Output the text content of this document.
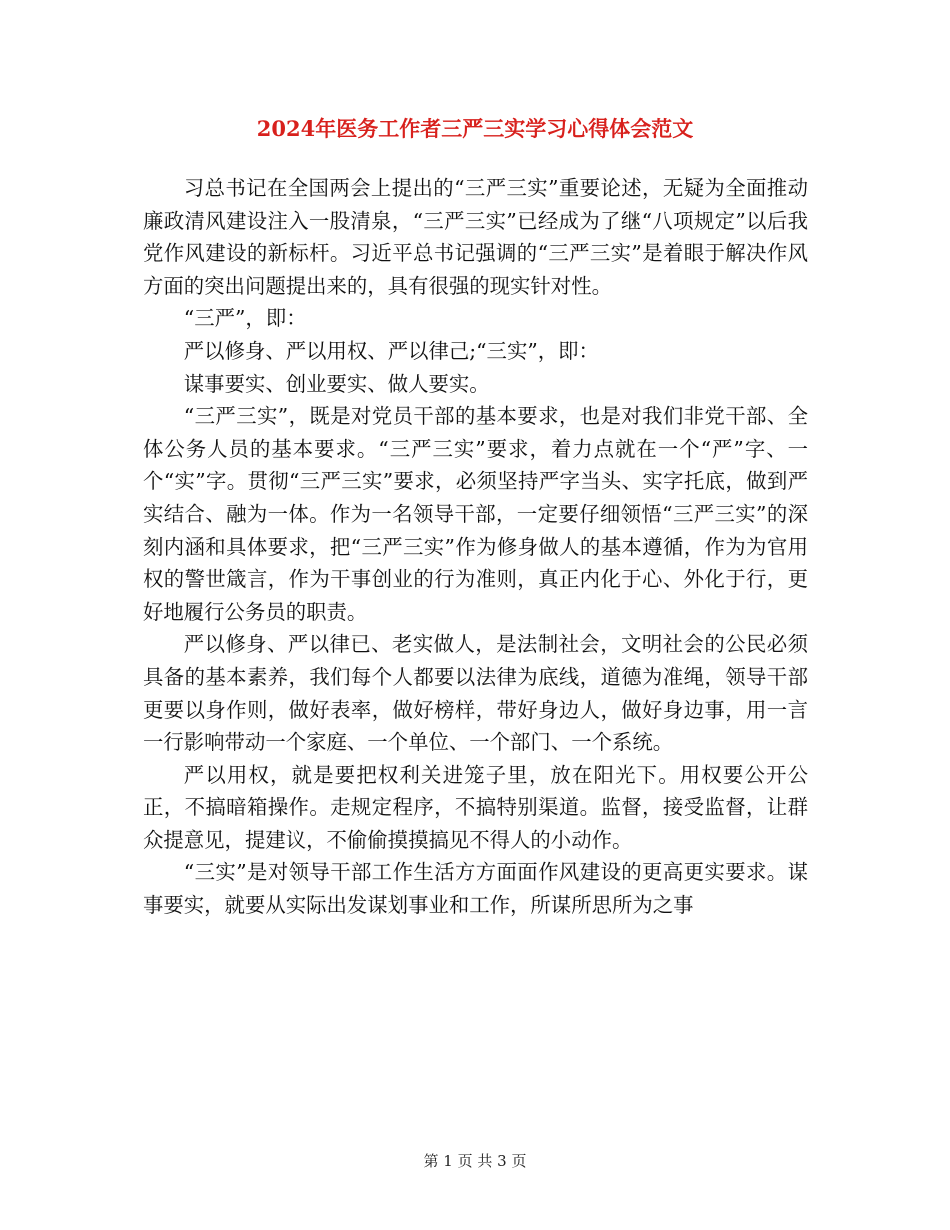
2024年医务工作者三严三实学习心得体会范文

习总书记在全国两会上提出的“三严三实”重要论述，无疑为全面推动廉政清风建设注入一股清泉，“三严三实”已经成为了继“八项规定”以后我党作风建设的新标杆。习近平总书记强调的“三严三实”是着眼于解决作风方面的突出问题提出来的，具有很强的现实针对性。

“三严”，即：

严以修身、严以用权、严以律己;“三实”，即：

谋事要实、创业要实、做人要实。

“三严三实”，既是对党员干部的基本要求，也是对我们非党干部、全体公务人员的基本要求。“三严三实”要求，着力点就在一个“严”字、一个“实”字。贯彻“三严三实”要求，必须坚持严字当头、实字托底，做到严实结合、融为一体。作为一名领导干部，一定要仔细领悟“三严三实”的深刻内涵和具体要求，把“三严三实”作为修身做人的基本遵循，作为为官用权的警世箴言，作为干事创业的行为准则，真正内化于心、外化于行，更好地履行公务员的职责。

严以修身、严以律已、老实做人，是法制社会，文明社会的公民必须具备的基本素养，我们每个人都要以法律为底线，道德为准绳，领导干部更要以身作则，做好表率，做好榜样，带好身边人，做好身边事，用一言一行影响带动一个家庭、一个单位、一个部门、一个系统。

严以用权，就是要把权利关进笼子里，放在阳光下。用权要公开公正，不搞暗箱操作。走规定程序，不搞特别渠道。监督，接受监督，让群众提意见，提建议，不偷偷摸摸搞见不得人的小动作。

“三实”是对领导干部工作生活方方面面作风建设的更高更实要求。谋事要实，就要从实际出发谋划事业和工作，所谋所思所为之事

第 1 页 共 3 页
